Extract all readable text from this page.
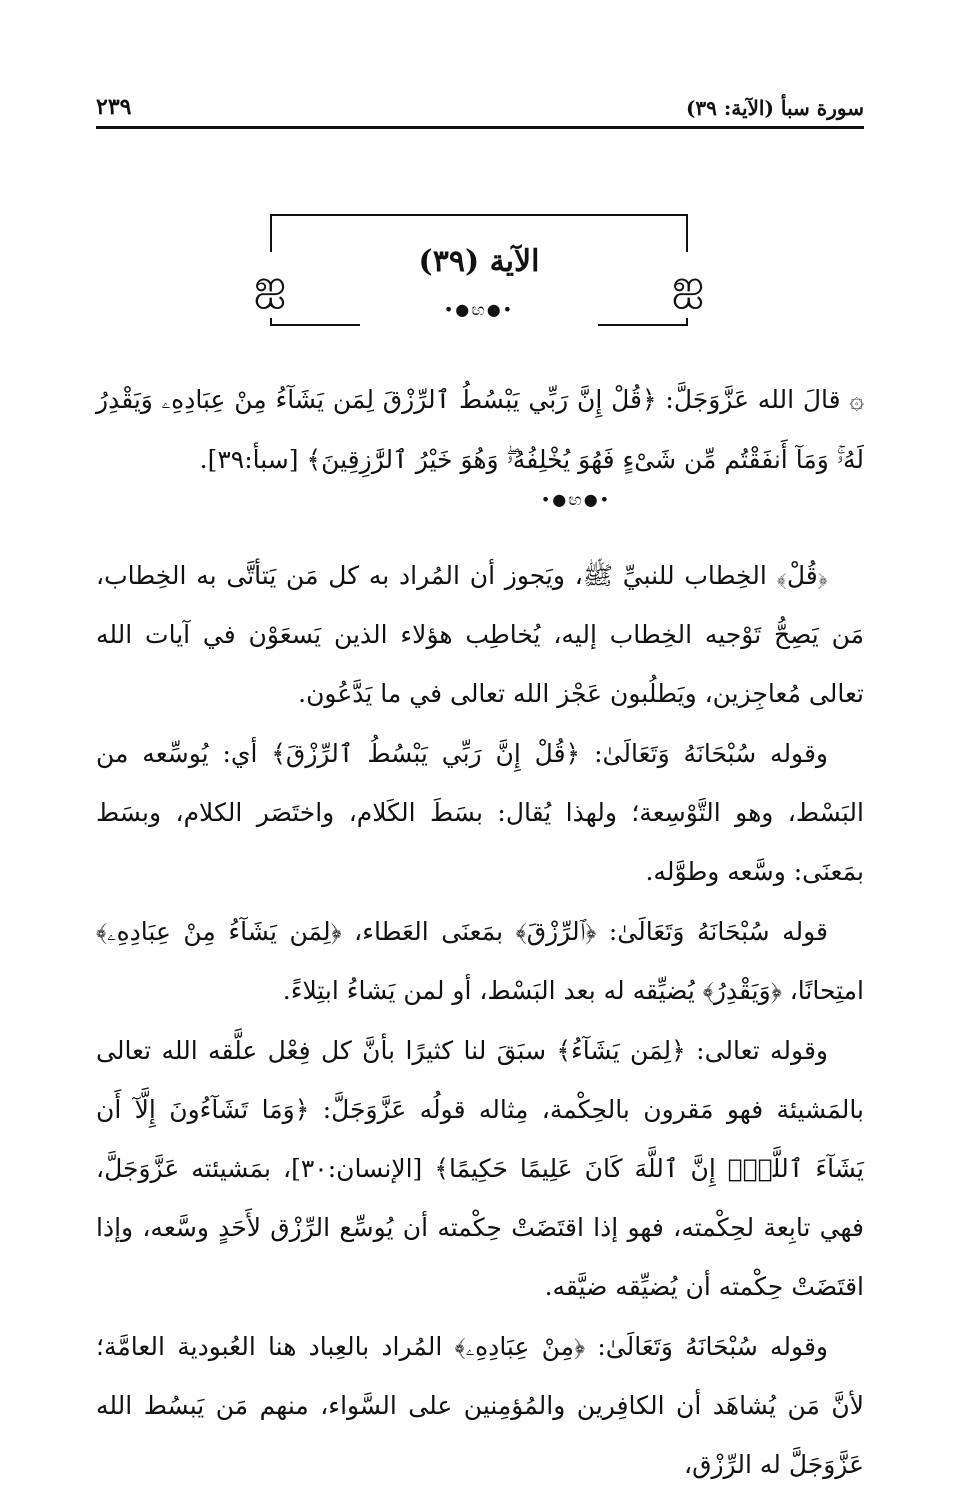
سورة سبأ (الآية: ٣٩)
٢٣٩
ஐ	ஐ
الآية (٣٩)
•●ඟ●•
۞ قالَ الله عَزَّوَجَلَّ: ﴿قُلْ إِنَّ رَبِّي يَبْسُطُ ٱلرِّزْقَ لِمَن يَشَآءُ مِنْ عِبَادِهِۦ وَيَقْدِرُ لَهُۥۚ وَمَآ أَنفَقْتُم مِّن شَىْءٍ فَهُوَ يُخْلِفُهُۥۖ وَهُوَ خَيْرُ ٱلرَّٰزِقِينَ﴾ [سبأ:٣٩].
•●ඟ●•

﴿قُلْ﴾ الخِطاب للنبيِّ ﷺ، ويَجوز أن المُراد به كل مَن يَتأتَّى به الخِطاب، مَن يَصِحُّ تَوْجيه الخِطاب إليه، يُخاطِب هؤلاء الذين يَسعَوْن في آيات الله تعالى مُعاجِزين، ويَطلُبون عَجْز الله تعالى في ما يَدَّعُون.

وقوله سُبْحَانَهُ وَتَعَالَىٰ: ﴿قُلْ إِنَّ رَبِّي يَبْسُطُ ٱلرِّزْقَ﴾ أي: يُوسِّعه من البَسْط، وهو التَّوْسِعة؛ ولهذا يُقال: بسَطَ الكَلام، واختَصَر الكلام، وبسَط بمَعنَى: وسَّعه وطوَّله.

قوله سُبْحَانَهُ وَتَعَالَىٰ: ﴿ٱلرِّزْقَ﴾ بمَعنَى العَطاء، ﴿لِمَن يَشَآءُ مِنْ عِبَادِهِۦ﴾ امتِحانًا، ﴿وَيَقْدِرُ﴾ يُضيِّقه له بعد البَسْط، أو لمن يَشاءُ ابتِلاءً.

وقوله تعالى: ﴿لِمَن يَشَآءُ﴾ سبَقَ لنا كثيرًا بأنَّ كل فِعْل علَّقه الله تعالى بالمَشيئة فهو مَقرون بالحِكْمة، مِثاله قولُه عَزَّوَجَلَّ: ﴿وَمَا تَشَآءُونَ إِلَّآ أَن يَشَآءَ ٱللَّهُۚ إِنَّ ٱللَّهَ كَانَ عَلِيمًا حَكِيمًا﴾ [الإنسان:٣٠]، بمَشيئته عَزَّوَجَلَّ، فهي تابِعة لحِكْمته، فهو إذا اقتَضَتْ حِكْمته أن يُوسِّع الرِّزْق لأَحَدٍ وسَّعه، وإذا اقتَضَتْ حِكْمته أن يُضيِّقه ضيَّقه.

وقوله سُبْحَانَهُ وَتَعَالَىٰ: ﴿مِنْ عِبَادِهِۦ﴾ المُراد بالعِباد هنا العُبودية العامَّة؛ لأنَّ مَن يُشاهَد أن الكافِرين والمُؤمِنين على السَّواء، منهم مَن يَبسُط الله عَزَّوَجَلَّ له الرِّزْق،
